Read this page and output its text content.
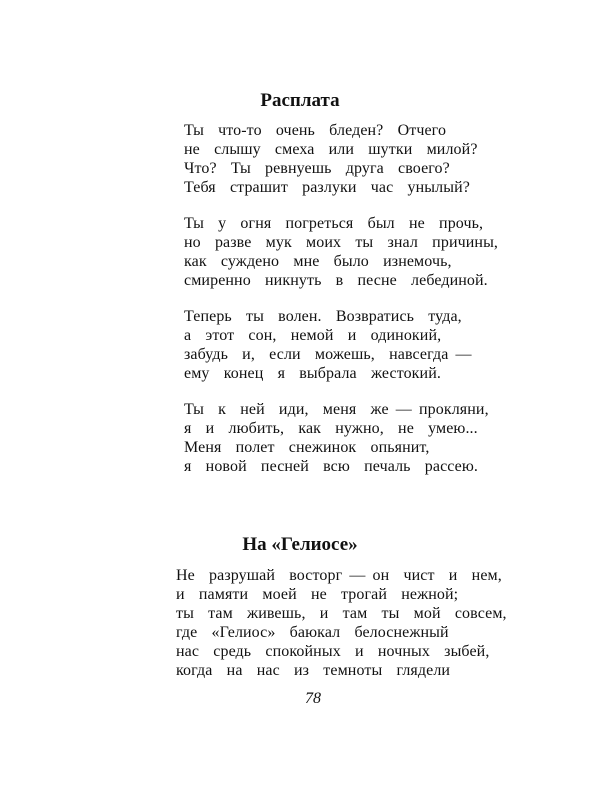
Расплата
Ты  что-то  очень  бледен?  Отчего
не  слышу  смеха  или  шутки  милой?
Что?  Ты  ревнуешь  друга  своего?
Тебя  страшит  разлуки  час  унылый?
Ты  у  огня  погреться  был  не  прочь,
но  разве  мук  моих  ты  знал  причины,
как  суждено  мне  было  изнемочь,
смиренно  никнуть  в  песне  лебединой.
Теперь  ты  волен.  Возвратись  туда,
а  этот  сон,  немой  и  одинокий,
забудь  и,  если  можешь,  навсегда —
ему  конец  я  выбрала  жестокий.
Ты  к  ней  иди,  меня  же — прокляни,
я  и  любить,  как  нужно,  не  умею...
Меня  полет  снежинок  опьянит,
я  новой  песней  всю  печаль  рассею.
На «Гелиосе»
Не  разрушай  восторг — он  чист  и  нем,
и  памяти  моей  не  трогай  нежной;
ты  там  живешь,  и  там  ты  мой  совсем,
где  «Гелиос»  баюкал  белоснежный
нас  средь  спокойных  и  ночных  зыбей,
когда  на  нас  из  темноты  глядели
78
